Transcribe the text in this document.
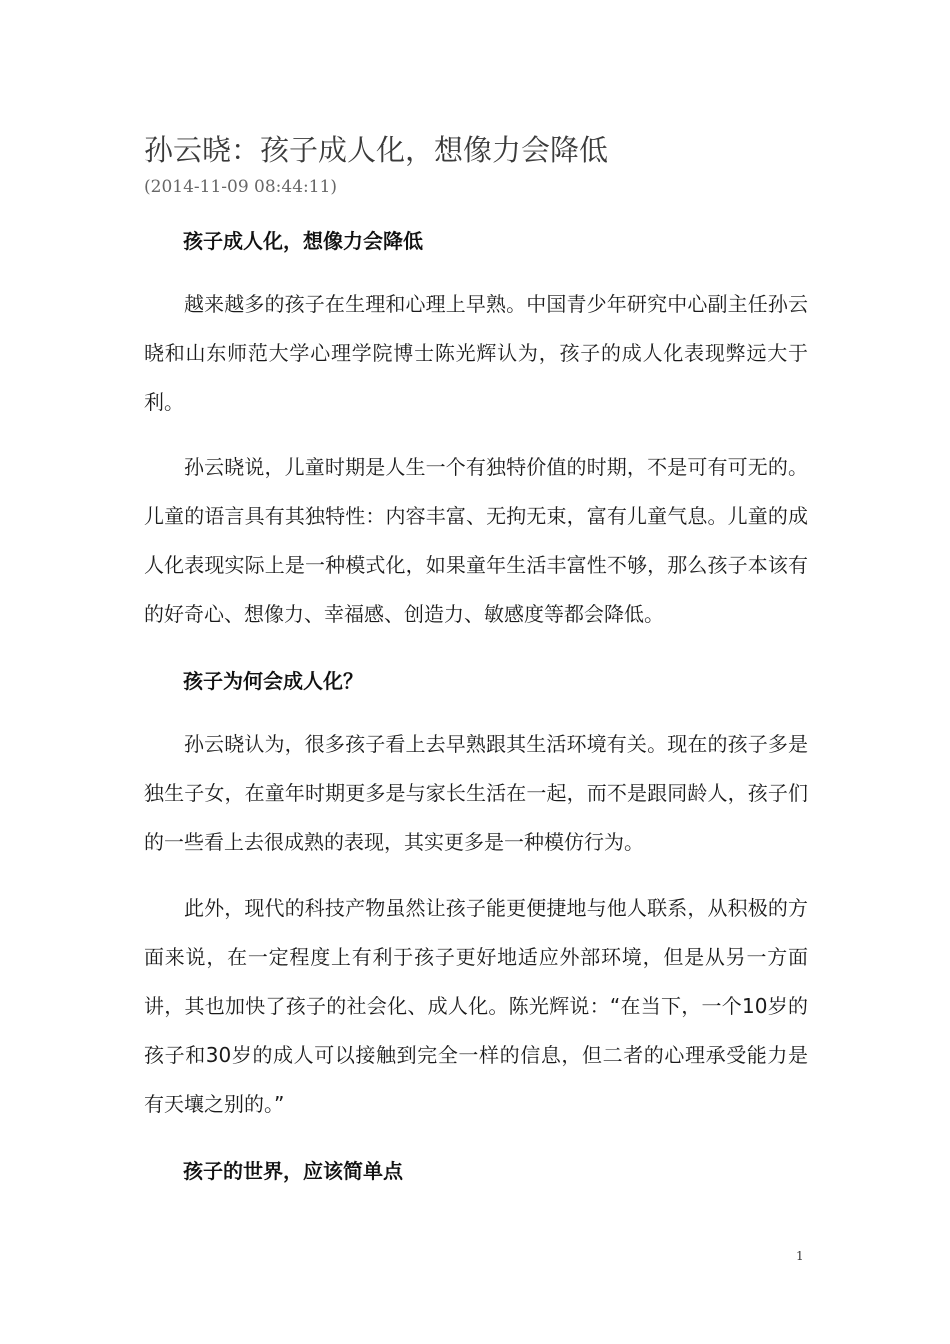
孙云晓：孩子成人化，想像力会降低
(2014-11-09 08:44:11)
孩子成人化，想像力会降低

越来越多的孩子在生理和心理上早熟。中国青少年研究中心副主任孙云晓和山东师范大学心理学院博士陈光辉认为，孩子的成人化表现弊远大于利。

孙云晓说，儿童时期是人生一个有独特价值的时期，不是可有可无的。儿童的语言具有其独特性：内容丰富、无拘无束，富有儿童气息。儿童的成人化表现实际上是一种模式化，如果童年生活丰富性不够，那么孩子本该有的好奇心、想像力、幸福感、创造力、敏感度等都会降低。

孩子为何会成人化？

孙云晓认为，很多孩子看上去早熟跟其生活环境有关。现在的孩子多是独生子女，在童年时期更多是与家长生活在一起，而不是跟同龄人，孩子们的一些看上去很成熟的表现，其实更多是一种模仿行为。

此外，现代的科技产物虽然让孩子能更便捷地与他人联系，从积极的方面来说，在一定程度上有利于孩子更好地适应外部环境，但是从另一方面讲，其也加快了孩子的社会化、成人化。陈光辉说：“在当下，一个10岁的孩子和30岁的成人可以接触到完全一样的信息，但二者的心理承受能力是有天壤之别的。”

孩子的世界，应该简单点
1
